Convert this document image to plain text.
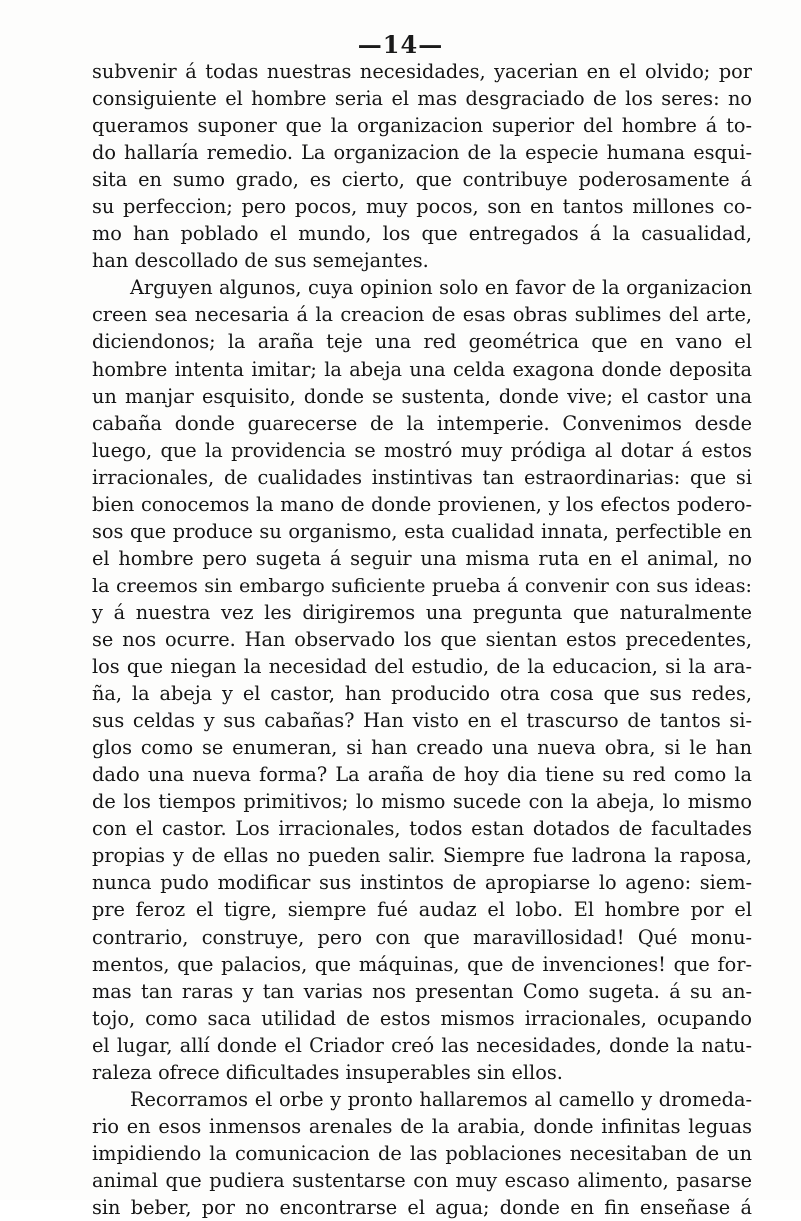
—14—
subvenir á todas nuestras necesidades, yacerian en el olvido; por
consiguiente el hombre seria el mas desgraciado de los seres: no
queramos suponer que la organizacion superior del hombre á to-
do hallaría remedio. La organizacion de la especie humana esqui-
sita en sumo grado, es cierto, que contribuye poderosamente á
su perfeccion; pero pocos, muy pocos, son en tantos millones co-
mo han poblado el mundo, los que entregados á la casualidad,
han descollado de sus semejantes.
Arguyen algunos, cuya opinion solo en favor de la organizacion
creen sea necesaria á la creacion de esas obras sublimes del arte,
diciendonos; la araña teje una red geométrica que en vano el
hombre intenta imitar; la abeja una celda exagona donde deposita
un manjar esquisito, donde se sustenta, donde vive; el castor una
cabaña donde guarecerse de la intemperie. Convenimos desde
luego, que la providencia se mostró muy pródiga al dotar á estos
irracionales, de cualidades instintivas tan estraordinarias: que si
bien conocemos la mano de donde provienen, y los efectos podero-
sos que produce su organismo, esta cualidad innata, perfectible en
el hombre pero sugeta á seguir una misma ruta en el animal, no
la creemos sin embargo suficiente prueba á convenir con sus ideas:
y á nuestra vez les dirigiremos una pregunta que naturalmente
se nos ocurre. Han observado los que sientan estos precedentes,
los que niegan la necesidad del estudio, de la educacion, si la ara-
ña, la abeja y el castor, han producido otra cosa que sus redes,
sus celdas y sus cabañas? Han visto en el trascurso de tantos si-
glos como se enumeran, si han creado una nueva obra, si le han
dado una nueva forma? La araña de hoy dia tiene su red como la
de los tiempos primitivos; lo mismo sucede con la abeja, lo mismo
con el castor. Los irracionales, todos estan dotados de facultades
propias y de ellas no pueden salir. Siempre fue ladrona la raposa,
nunca pudo modificar sus instintos de apropiarse lo ageno: siem-
pre feroz el tigre, siempre fué audaz el lobo. El hombre por el
contrario, construye, pero con que maravillosidad! Qué monu-
mentos, que palacios, que máquinas, que de invenciones! que for-
mas tan raras y tan varias nos presentan Como sugeta. á su an-
tojo, como saca utilidad de estos mismos irracionales, ocupando
el lugar, allí donde el Criador creó las necesidades, donde la natu-
raleza ofrece dificultades insuperables sin ellos.
Recorramos el orbe y pronto hallaremos al camello y dromeda-
rio en esos inmensos arenales de la arabia, donde infinitas leguas
impidiendo la comunicacion de las poblaciones necesitaban de un
animal que pudiera sustentarse con muy escaso alimento, pasarse
sin beber, por no encontrarse el agua; donde en fin enseñase á
